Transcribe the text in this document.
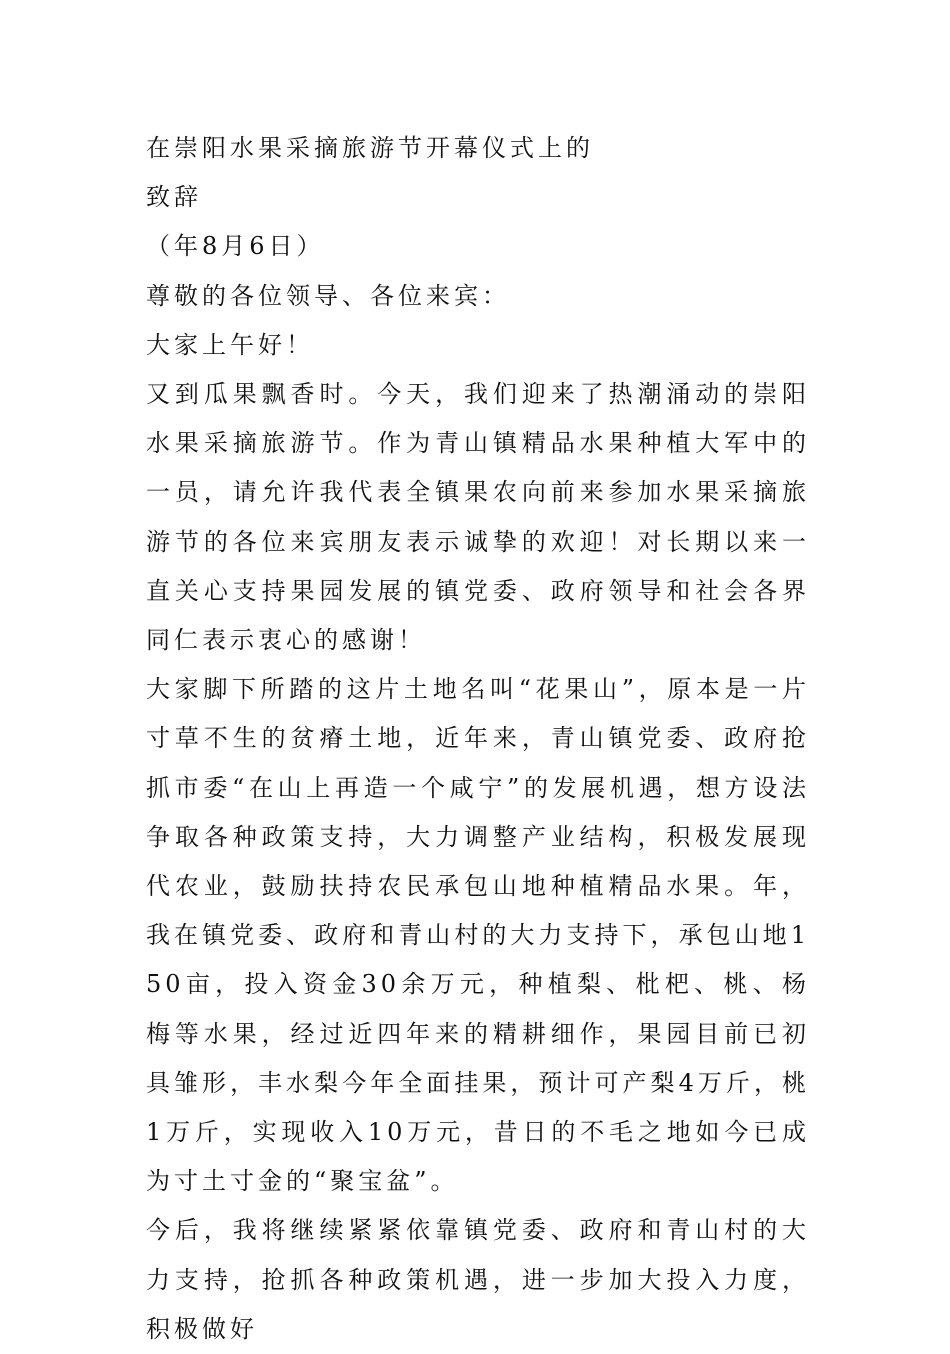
在崇阳水果采摘旅游节开幕仪式上的

致辞

（年8月6日）

尊敬的各位领导、各位来宾：

大家上午好！

又到瓜果飘香时。今天，我们迎来了热潮涌动的崇阳水果采摘旅游节。作为青山镇精品水果种植大军中的一员，请允许我代表全镇果农向前来参加水果采摘旅游节的各位来宾朋友表示诚挚的欢迎！对长期以来一直关心支持果园发展的镇党委、政府领导和社会各界同仁表示衷心的感谢！

大家脚下所踏的这片土地名叫“花果山”，原本是一片寸草不生的贫瘠土地，近年来，青山镇党委、政府抢抓市委“在山上再造一个咸宁”的发展机遇，想方设法争取各种政策支持，大力调整产业结构，积极发展现代农业，鼓励扶持农民承包山地种植精品水果。年，我在镇党委、政府和青山村的大力支持下，承包山地150亩，投入资金30余万元，种植梨、枇杷、桃、杨梅等水果，经过近四年来的精耕细作，果园目前已初具雏形，丰水梨今年全面挂果，预计可产梨4万斤，桃1万斤，实现收入10万元，昔日的不毛之地如今已成为寸土寸金的“聚宝盆”。

今后，我将继续紧紧依靠镇党委、政府和青山村的大力支持，抢抓各种政策机遇，进一步加大投入力度，积极做好
